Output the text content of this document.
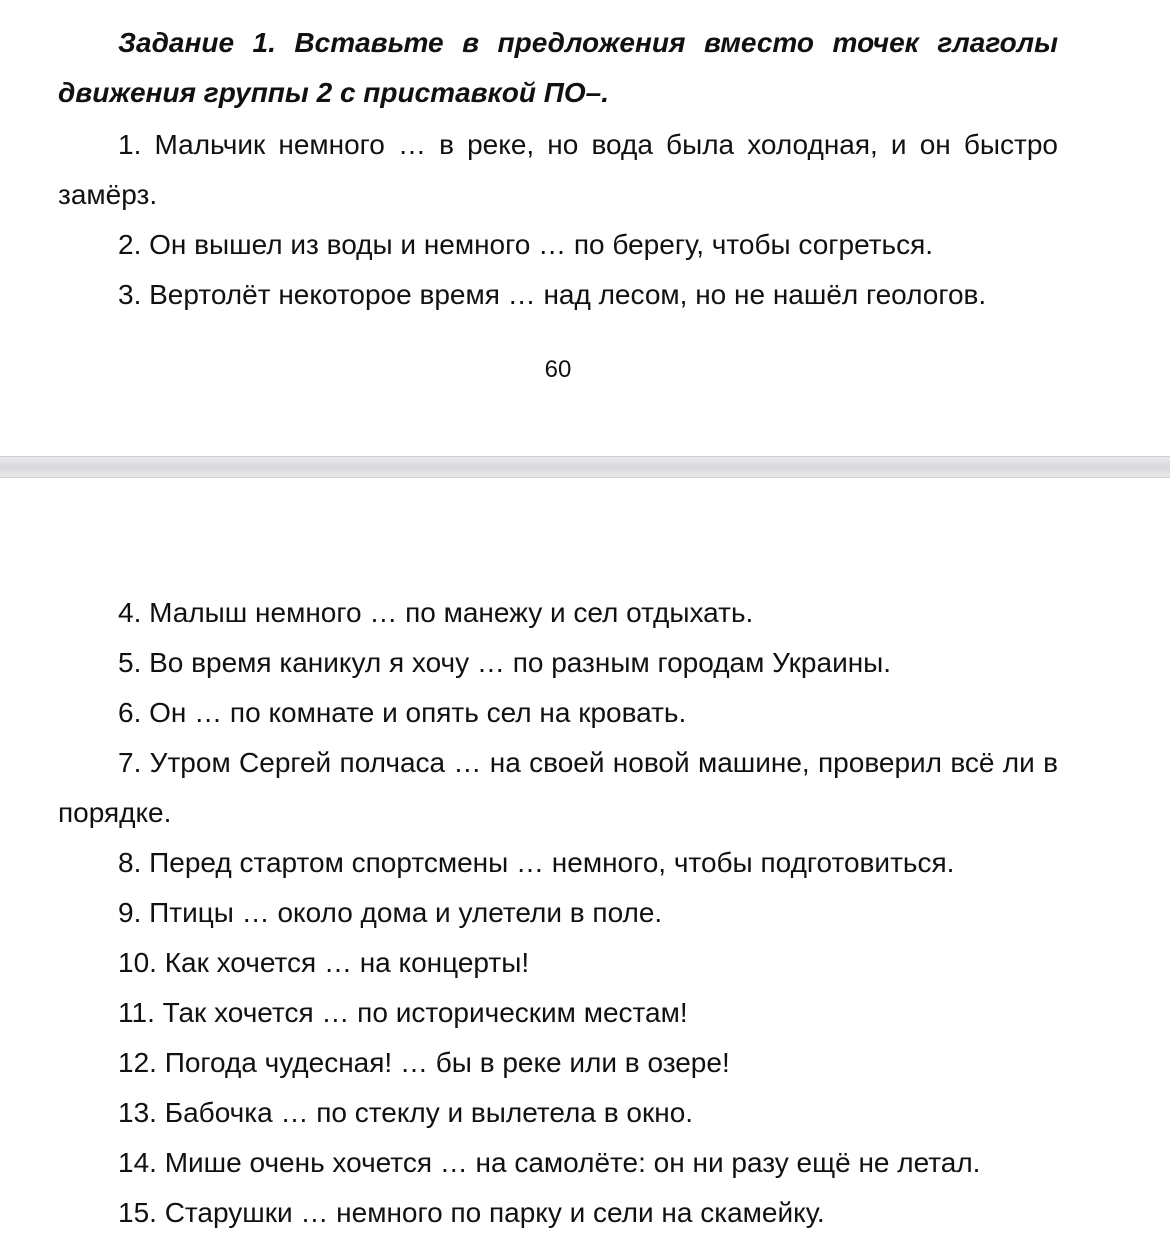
Задание 1. Вставьте в предложения вместо точек глаголы движения группы 2 с приставкой ПО–.

1. Мальчик немного … в реке, но вода была холодная, и он быстро замёрз.

2. Он вышел из воды и немного … по берегу, чтобы согреться.

3. Вертолёт некоторое время … над лесом, но не нашёл геологов.

60

4. Малыш немного … по манежу и сел отдыхать.

5. Во время каникул я хочу … по разным городам Украины.

6. Он … по комнате и опять сел на кровать.

7. Утром Сергей полчаса … на своей новой машине, проверил всё ли в порядке.

8. Перед стартом спортсмены … немного, чтобы подготовиться.

9. Птицы … около дома и улетели в поле.

10. Как хочется … на концерты!

11. Так хочется … по историческим местам!

12. Погода чудесная! … бы в реке или в озере!

13. Бабочка … по стеклу и вылетела в окно.

14. Мише очень хочется … на самолёте: он ни разу ещё не летал.

15. Старушки … немного по парку и сели на скамейку.
